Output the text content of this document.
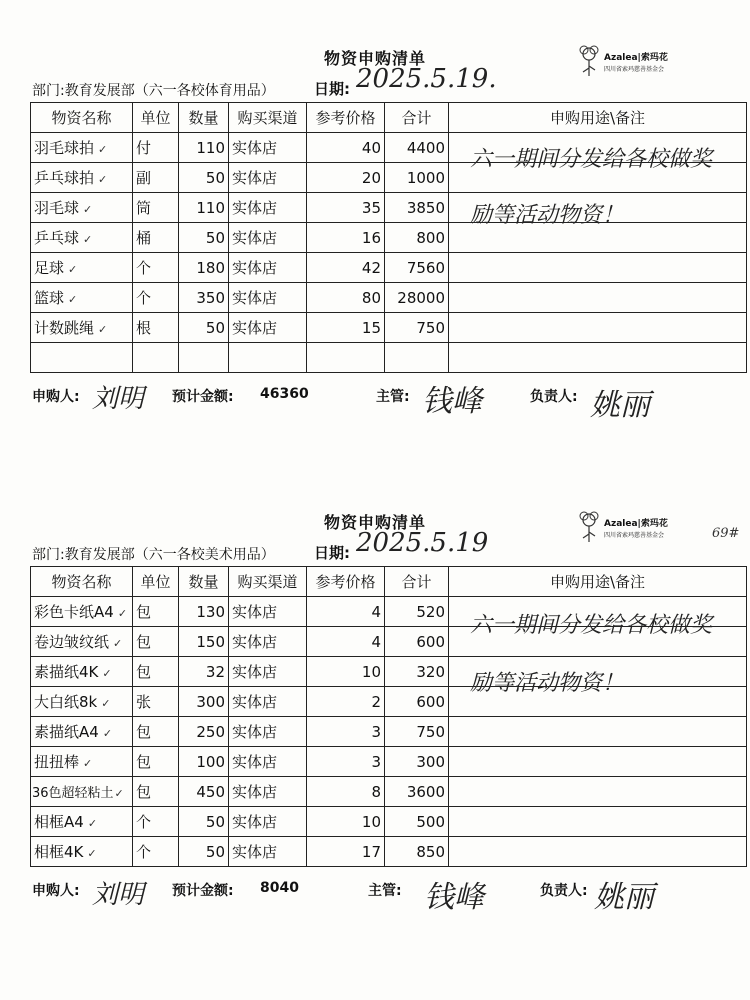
物资申购清单	Azalea|索玛花
四川省索玛慈善基金会
部门:教育发展部（六一各校体育用品）	日期: 2025.5.19.
物资名称	单位	数量	购买渠道	参考价格	合计	申购用途\备注
羽毛球拍 ✓	付	110	实体店	40	4400	

乒乓球拍 ✓	副	50	实体店	20	1000	
羽毛球 ✓	筒	110	实体店	35	3850	
乒乓球 ✓	桶	50	实体店	16	800	
足球 ✓	个	180	实体店	42	7560	
篮球 ✓	个	350	实体店	80	28000	
计数跳绳 ✓	根	50	实体店	15	750	

六一期间分发给各校做奖
励等活动物资！
申购人: 刘明 预计金额: 46360	主管: 钱峰	负责人: 姚丽
物资申购清单	Azalea|索玛花
四川省索玛慈善基金会	69#
部门:教育发展部（六一各校美术用品）	日期: 2025.5.19
物资名称	单位	数量	购买渠道	参考价格	合计	申购用途\备注
彩色卡纸A4 ✓	包	130	实体店	4	520	

卷边皱纹纸 ✓	包	150	实体店	4	600	
素描纸4K ✓	包	32	实体店	10	320	
大白纸8k ✓	张	300	实体店	2	600	
素描纸A4 ✓	包	250	实体店	3	750	
扭扭棒 ✓	包	100	实体店	3	300	
36色超轻粘土✓	包	450	实体店	8	3600	
相框A4 ✓	个	50	实体店	10	500	
相框4K ✓	个	50	实体店	17	850	
六一期间分发给各校做奖
励等活动物资！
申购人: 刘明 预计金额: 8040	主管: 钱峰	负责人: 姚丽
